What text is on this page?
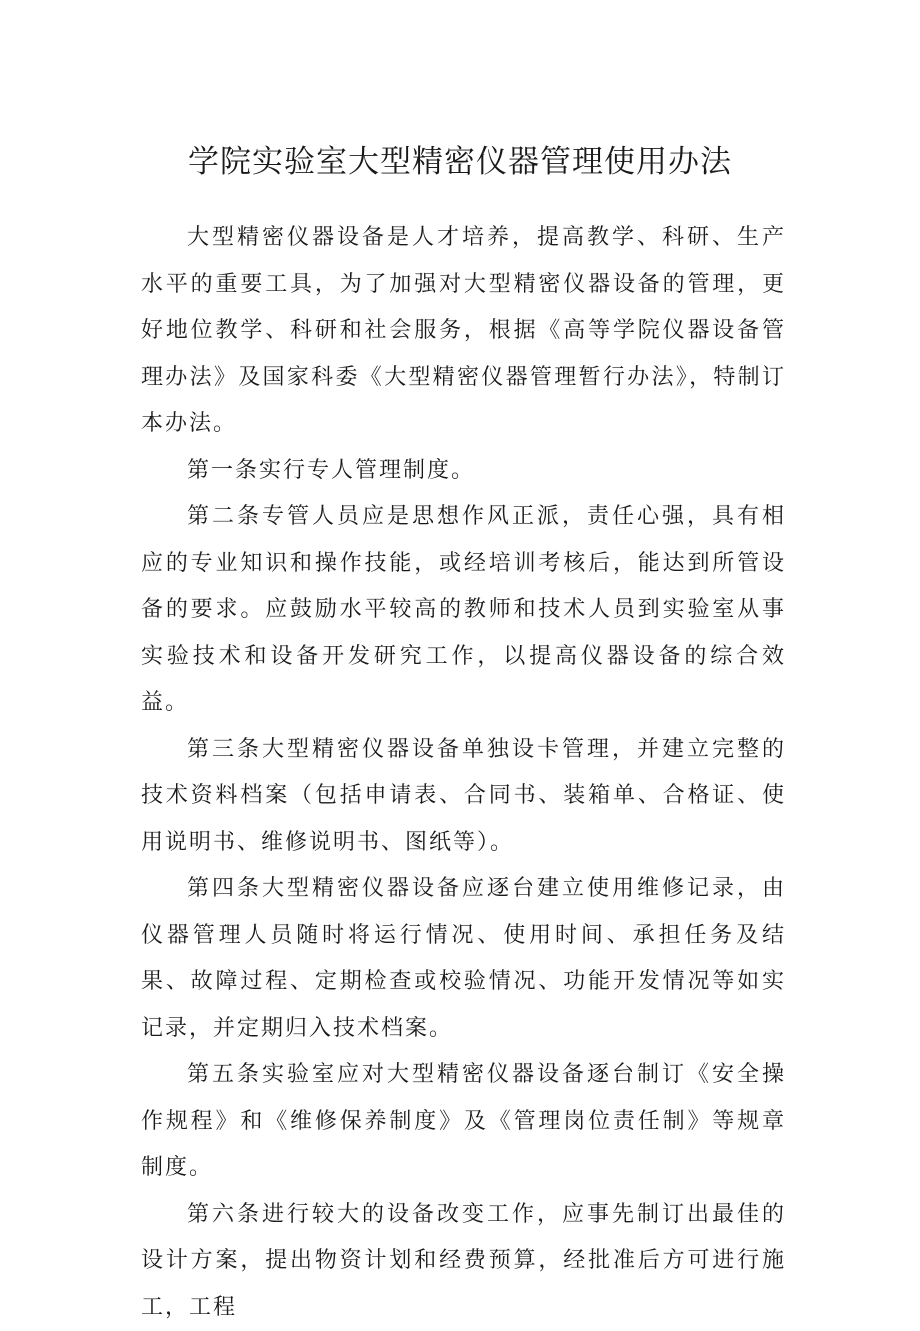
学院实验室大型精密仪器管理使用办法

大型精密仪器设备是人才培养，提高教学、科研、生产水平的重要工具，为了加强对大型精密仪器设备的管理，更好地位教学、科研和社会服务，根据《高等学院仪器设备管理办法》及国家科委《大型精密仪器管理暂行办法》，特制订本办法。

第一条实行专人管理制度。

第二条专管人员应是思想作风正派，责任心强，具有相应的专业知识和操作技能，或经培训考核后，能达到所管设备的要求。应鼓励水平较高的教师和技术人员到实验室从事实验技术和设备开发研究工作，以提高仪器设备的综合效益。

第三条大型精密仪器设备单独设卡管理，并建立完整的技术资料档案（包括申请表、合同书、装箱单、合格证、使用说明书、维修说明书、图纸等）。

第四条大型精密仪器设备应逐台建立使用维修记录，由仪器管理人员随时将运行情况、使用时间、承担任务及结果、故障过程、定期检查或校验情况、功能开发情况等如实记录，并定期归入技术档案。

第五条实验室应对大型精密仪器设备逐台制订《安全操作规程》和《维修保养制度》及《管理岗位责任制》等规章制度。

第六条进行较大的设备改变工作，应事先制订出最佳的设计方案，提出物资计划和经费预算，经批准后方可进行施工，工程
